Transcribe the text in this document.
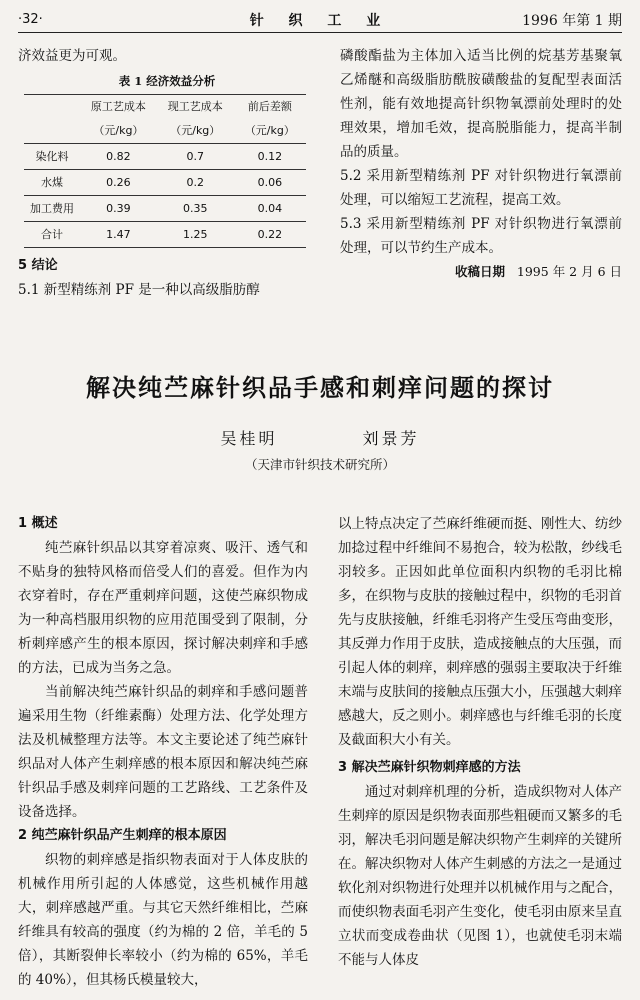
·32·	针 织 工 业	1996 年第 1 期

济效益更为可观。

表 1 经济效益分析
	原工艺成本（元/kg）	现工艺成本（元/kg）	前后差额（元/kg）
染化料	0.82	0.7	0.12
水煤	0.26	0.2	0.06
加工费用	0.39	0.35	0.04
合计	1.47	1.25	0.22

5 结论

5.1 新型精练剂 PF 是一种以高级脂肪醇

磷酸酯盐为主体加入适当比例的烷基芳基聚氧乙烯醚和高级脂肪酰胺磺酸盐的复配型表面活性剂，能有效地提高针织物氧漂前处理时的处理效果，增加毛效，提高脱脂能力，提高半制品的质量。

5.2 采用新型精练剂 PF 对针织物进行氧漂前处理，可以缩短工艺流程，提高工效。

5.3 采用新型精练剂 PF 对针织物进行氧漂前处理，可以节约生产成本。

收稿日期 1995 年 2 月 6 日

解决纯苎麻针织品手感和刺痒问题的探讨
吴桂明	刘景芳
（天津市针织技术研究所）

1 概述

纯苎麻针织品以其穿着凉爽、吸汗、透气和不贴身的独特风格而倍受人们的喜爱。但作为内衣穿着时，存在严重刺痒问题，这使苎麻织物成为一种高档服用织物的应用范围受到了限制，分析刺痒感产生的根本原因，探讨解决刺痒和手感的方法，已成为当务之急。

当前解决纯苎麻针织品的刺痒和手感问题普遍采用生物（纤维素酶）处理方法、化学处理方法及机械整理方法等。本文主要论述了纯苎麻针织品对人体产生刺痒感的根本原因和解决纯苎麻针织品手感及刺痒问题的工艺路线、工艺条件及设备选择。

2 纯苎麻针织品产生刺痒的根本原因

织物的刺痒感是指织物表面对于人体皮肤的机械作用所引起的人体感觉，这些机械作用越大，刺痒感越严重。与其它天然纤维相比，苎麻纤维具有较高的强度（约为棉的 2 倍，羊毛的 5 倍），其断裂伸长率较小（约为棉的 65%，羊毛的 40%），但其杨氏模量较大，

以上特点决定了苎麻纤维硬而挺、刚性大、纺纱加捻过程中纤维间不易抱合，较为松散，纱线毛羽较多。正因如此单位面积内织物的毛羽比棉多，在织物与皮肤的接触过程中，织物的毛羽首先与皮肤接触，纤维毛羽将产生受压弯曲变形，其反弹力作用于皮肤，造成接触点的大压强，而引起人体的刺痒，刺痒感的强弱主要取决于纤维末端与皮肤间的接触点压强大小，压强越大刺痒感越大，反之则小。刺痒感也与纤维毛羽的长度及截面积大小有关。

3 解决苎麻针织物刺痒感的方法

通过对刺痒机理的分析，造成织物对人体产生刺痒的原因是织物表面那些粗硬而又繁多的毛羽，解决毛羽问题是解决织物产生刺痒的关键所在。解决织物对人体产生刺感的方法之一是通过软化剂对织物进行处理并以机械作用与之配合，而使织物表面毛羽产生变化，使毛羽由原来呈直立状而变成卷曲状（见图 1），也就使毛羽末端不能与人体皮
